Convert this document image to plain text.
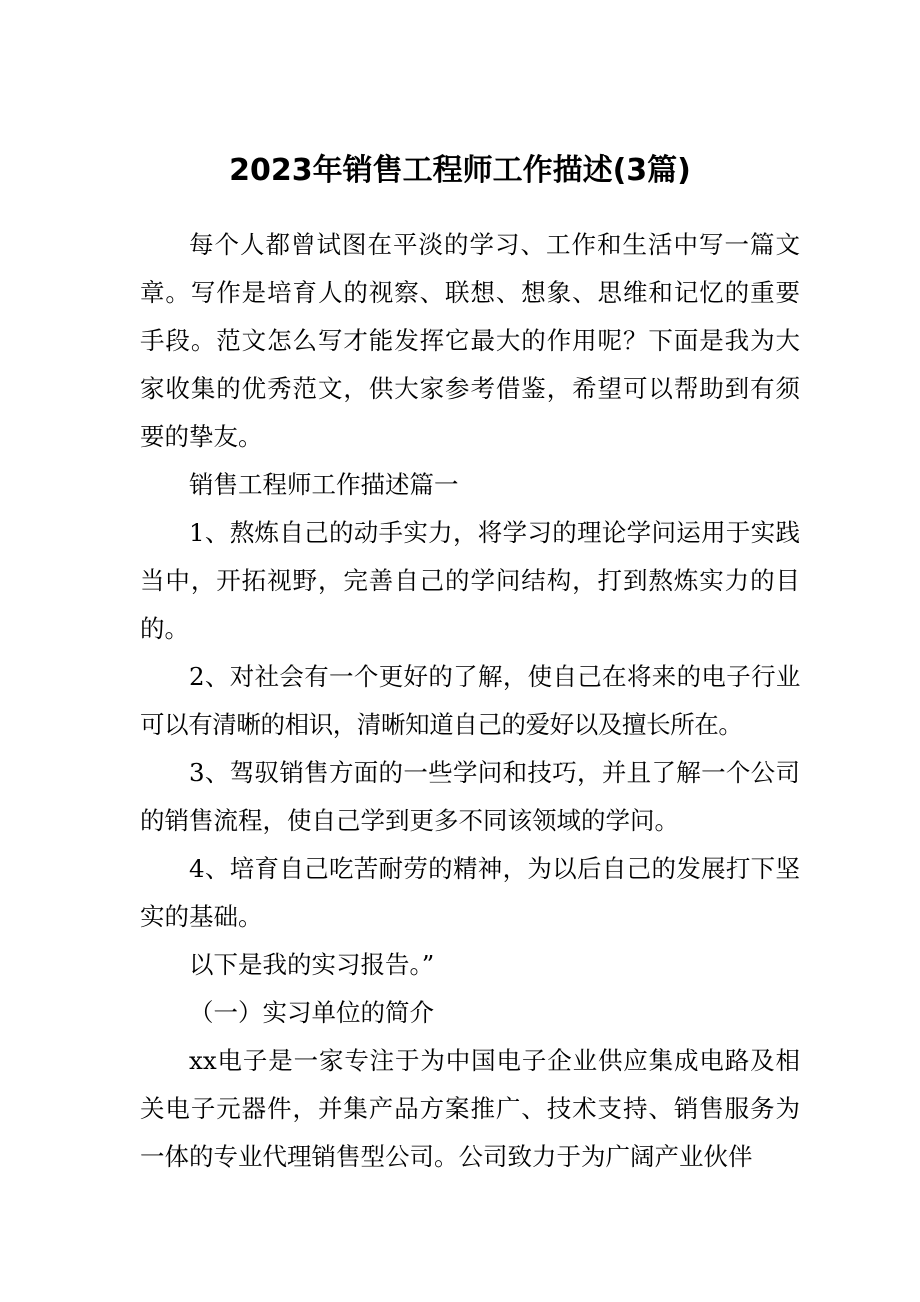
2023年销售工程师工作描述(3篇)

每个人都曾试图在平淡的学习、工作和生活中写一篇文章。写作是培育人的视察、联想、想象、思维和记忆的重要手段。范文怎么写才能发挥它最大的作用呢？下面是我为大家收集的优秀范文，供大家参考借鉴，希望可以帮助到有须要的挚友。

销售工程师工作描述篇一

1、熬炼自己的动手实力，将学习的理论学问运用于实践当中，开拓视野，完善自己的学问结构，打到熬炼实力的目的。

2、对社会有一个更好的了解，使自己在将来的电子行业可以有清晰的相识，清晰知道自己的爱好以及擅长所在。

3、驾驭销售方面的一些学问和技巧，并且了解一个公司的销售流程，使自己学到更多不同该领域的学问。

4、培育自己吃苦耐劳的精神，为以后自己的发展打下坚实的基础。

以下是我的实习报告。”

（一）实习单位的简介

xx电子是一家专注于为中国电子企业供应集成电路及相关电子元器件，并集产品方案推广、技术支持、销售服务为一体的专业代理销售型公司。公司致力于为广阔产业伙伴
